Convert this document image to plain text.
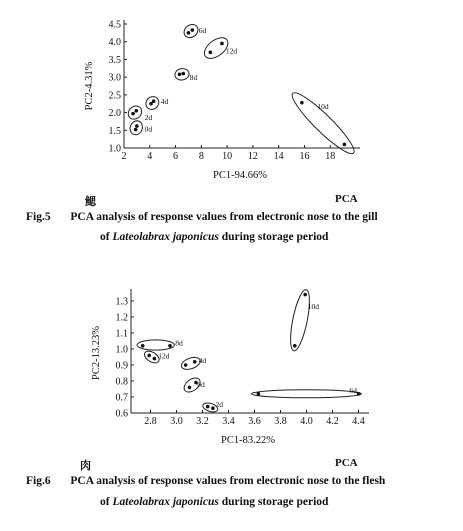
2 4 6 8 10 12 14 16 18
1.0
1.5
2.0
2.5
3.0
3.5
4.0
4.5
PC1-94.66%
PC2-4.31%
0d
2d
4d
8d
6d
12d
10d
鳃	PCA
Fig.5 PCA analysis of response values from electronic nose to the gill
of Lateolabrax japonicus during storage period
2.8 3.0 3.2 3.4 3.6 3.8 4.0 4.2 4.4
0.6
0.7
0.8
0.9
1.0
1.1
1.2
1.3
PC1-83.22%
PC2-13.23%	8d
12d
4d
0d
2d
10d
6d
肉	PCA
Fig.6 PCA analysis of response values from electronic nose to the flesh
of Lateolabrax japonicus during storage period
